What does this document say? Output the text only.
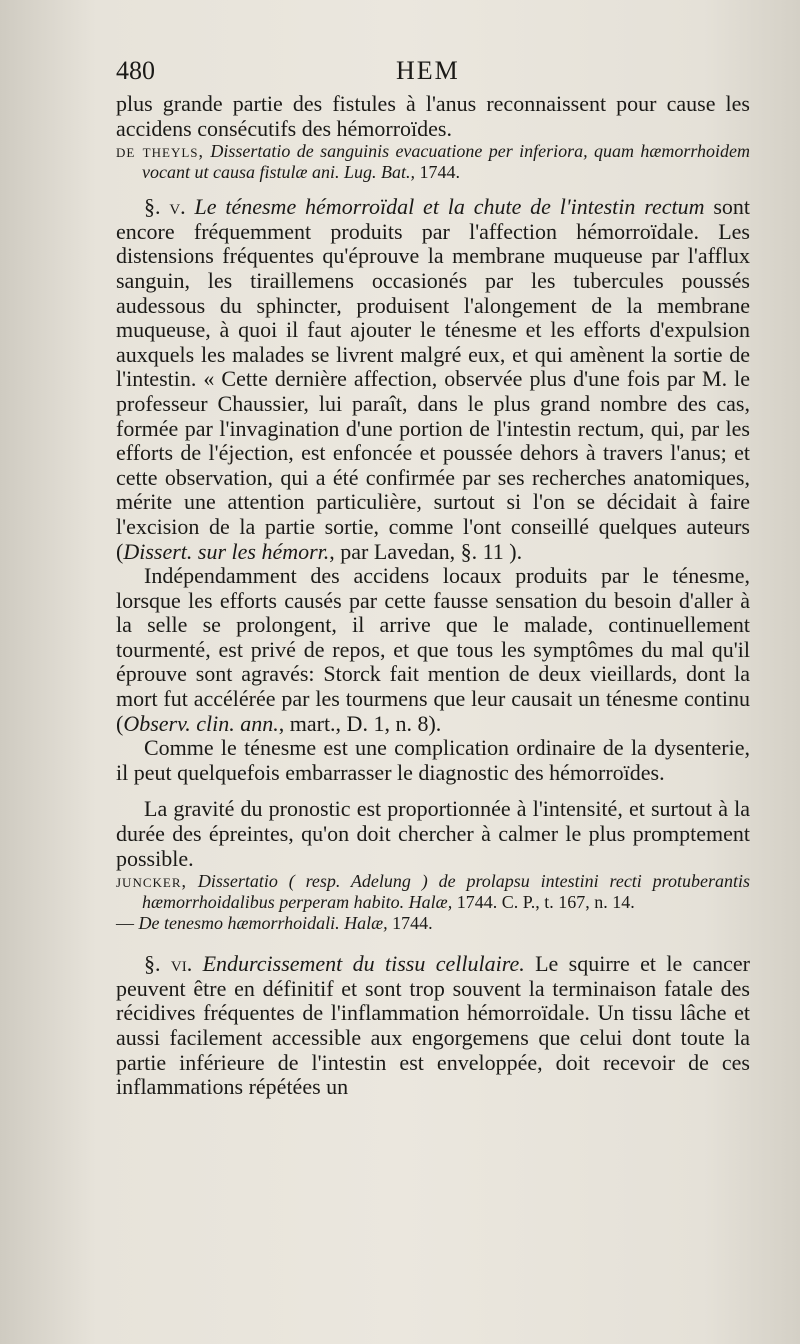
480	HEM

plus grande partie des fistules à l'anus reconnaissent pour cause les accidens consécutifs des hémorroïdes.

de theyls, Dissertatio de sanguinis evacuatione per inferiora, quam hæmorrhoidem vocant ut causa fistulæ ani. Lug. Bat., 1744.

§. v. Le ténesme hémorroïdal et la chute de l'intestin rectum sont encore fréquemment produits par l'affection hémorroïdale. Les distensions fréquentes qu'éprouve la membrane muqueuse par l'afflux sanguin, les tiraillemens occasionés par les tubercules poussés audessous du sphincter, produisent l'alongement de la membrane muqueuse, à quoi il faut ajouter le ténesme et les efforts d'expulsion auxquels les malades se livrent malgré eux, et qui amènent la sortie de l'intestin. « Cette dernière affection, observée plus d'une fois par M. le professeur Chaussier, lui paraît, dans le plus grand nombre des cas, formée par l'invagination d'une portion de l'intestin rectum, qui, par les efforts de l'éjection, est enfoncée et poussée dehors à travers l'anus; et cette observation, qui a été confirmée par ses recherches anatomiques, mérite une attention particulière, surtout si l'on se décidait à faire l'excision de la partie sortie, comme l'ont conseillé quelques auteurs (Dissert. sur les hémorr., par Lavedan, §. 11 ).

Indépendamment des accidens locaux produits par le ténesme, lorsque les efforts causés par cette fausse sensation du besoin d'aller à la selle se prolongent, il arrive que le malade, continuellement tourmenté, est privé de repos, et que tous les symptômes du mal qu'il éprouve sont agravés: Storck fait mention de deux vieillards, dont la mort fut accélérée par les tourmens que leur causait un ténesme continu (Observ. clin. ann., mart., D. 1, n. 8).

Comme le ténesme est une complication ordinaire de la dysenterie, il peut quelquefois embarrasser le diagnostic des hémorroïdes.

La gravité du pronostic est proportionnée à l'intensité, et surtout à la durée des épreintes, qu'on doit chercher à calmer le plus promptement possible.

juncker, Dissertatio ( resp. Adelung ) de prolapsu intestini recti protuberantis hæmorrhoidalibus perperam habito. Halæ, 1744. C. P., t. 167, n. 14.

— De tenesmo hæmorrhoidali. Halæ, 1744.

§. vi. Endurcissement du tissu cellulaire. Le squirre et le cancer peuvent être en définitif et sont trop souvent la terminaison fatale des récidives fréquentes de l'inflammation hémorroïdale. Un tissu lâche et aussi facilement accessible aux engorgemens que celui dont toute la partie inférieure de l'intestin est enveloppée, doit recevoir de ces inflammations répétées un
